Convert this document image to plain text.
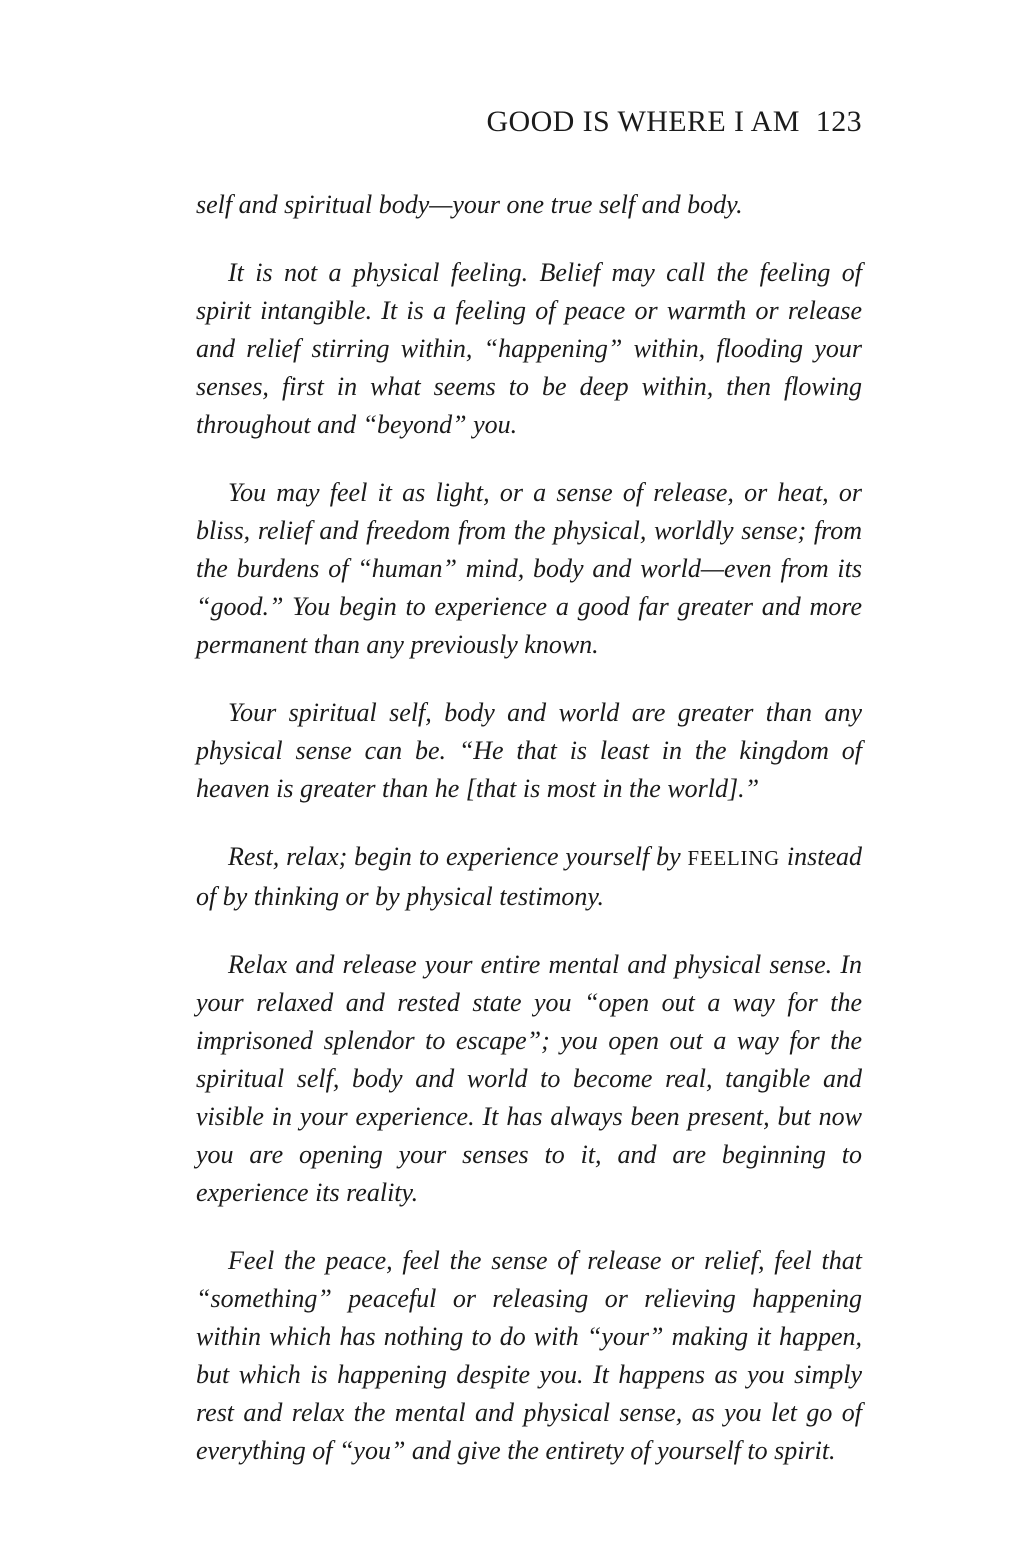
GOOD IS WHERE I AM 123

self and spiritual body—your one true self and body.

It is not a physical feeling. Belief may call the feeling of spirit intangible. It is a feeling of peace or warmth or release and relief stirring within, “happening” within, flooding your senses, first in what seems to be deep within, then flowing throughout and “beyond” you.

You may feel it as light, or a sense of release, or heat, or bliss, relief and freedom from the physical, worldly sense; from the burdens of “human” mind, body and world—even from its “good.” You begin to experience a good far greater and more permanent than any previously known.

Your spiritual self, body and world are greater than any physical sense can be. “He that is least in the kingdom of heaven is greater than he [that is most in the world].”

Rest, relax; begin to experience yourself by FEELING instead of by thinking or by physical testimony.

Relax and release your entire mental and physical sense. In your relaxed and rested state you “open out a way for the imprisoned splendor to escape”; you open out a way for the spiritual self, body and world to become real, tangible and visible in your experience. It has always been present, but now you are opening your senses to it, and are beginning to experience its reality.

Feel the peace, feel the sense of release or relief, feel that “something” peaceful or releasing or relieving happening within which has nothing to do with “your” making it happen, but which is happening despite you. It happens as you simply rest and relax the mental and physical sense, as you let go of everything of “you” and give the entirety of yourself to spirit.
